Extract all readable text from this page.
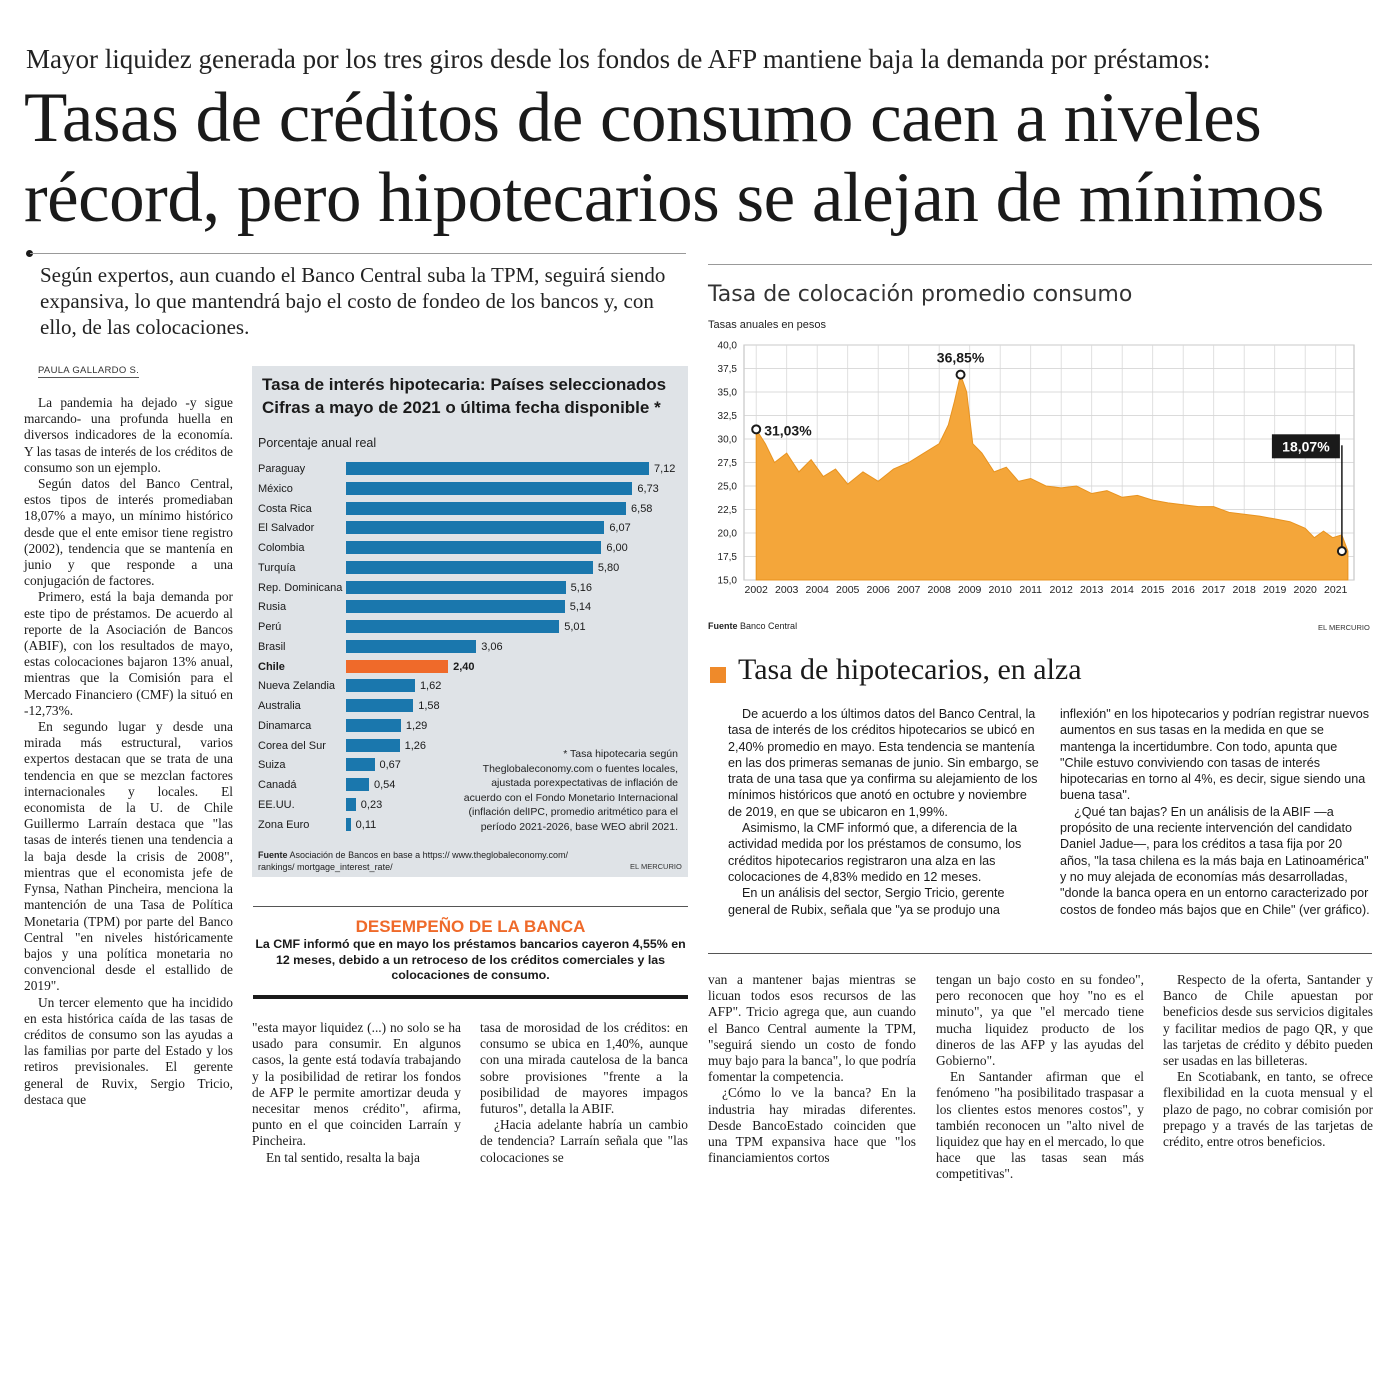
Mayor liquidez generada por los tres giros desde los fondos de AFP mantiene baja la demanda por préstamos:
Tasas de créditos de consumo caen a niveles récord, pero hipotecarios se alejan de mínimos
Según expertos, aun cuando el Banco Central suba la TPM, seguirá siendo expansiva, lo que mantendrá bajo el costo de fondeo de los bancos y, con ello, de las colocaciones.
PAULA GALLARDO S.

La pandemia ha dejado -y sigue marcando- una profunda huella en diversos indicadores de la economía. Y las tasas de interés de los créditos de consumo son un ejemplo.

Según datos del Banco Central, estos tipos de interés promediaban 18,07% a mayo, un mínimo histórico desde que el ente emisor tiene registro (2002), tendencia que se mantenía en junio y que responde a una conjugación de factores.

Primero, está la baja demanda por este tipo de préstamos. De acuerdo al reporte de la Asociación de Bancos (ABIF), con los resultados de mayo, estas colocaciones bajaron 13% anual, mientras que la Comisión para el Mercado Financiero (CMF) la situó en -12,73%.

En segundo lugar y desde una mirada más estructural, varios expertos destacan que se trata de una tendencia en que se mezclan factores internacionales y locales. El economista de la U. de Chile Guillermo Larraín destaca que "las tasas de interés tienen una tendencia a la baja desde la crisis de 2008", mientras que el economista jefe de Fynsa, Nathan Pincheira, menciona la mantención de una Tasa de Política Monetaria (TPM) por parte del Banco Central "en niveles históricamente bajos y una política monetaria no convencional desde el estallido de 2019".

Un tercer elemento que ha incidido en esta histórica caída de las tasas de créditos de consumo son las ayudas a las familias por parte del Estado y los retiros previsionales. El gerente general de Ruvix, Sergio Tricio, destaca que

Tasa de interés hipotecaria: Países seleccionados
Cifras a mayo de 2021 o última fecha disponible *
Porcentaje anual real
Paraguay	7,12
México	6,73
Costa Rica	6,58
El Salvador	6,07
Colombia	6,00
Turquía	5,80
Rep. Dominicana	5,16
Rusia	5,14
Perú	5,01
Brasil	3,06
Chile	2,40
Nueva Zelandia	1,62
Australia	1,58
Dinamarca	1,29
Corea del Sur	1,26
Suiza	0,67
Canadá	0,54
EE.UU.	0,23
Zona Euro	0,11
* Tasa hipotecaria según Theglobaleconomy.com o fuentes locales, ajustada porexpectativas de inflación de acuerdo con el Fondo Monetario Internacional (inflación delIPC, promedio aritmético para el período 2021-2026, base WEO abril 2021.
Fuente Asociación de Bancos en base a https:// www.theglobaleconomy.com/ rankings/ mortgage_interest_rate/	EL MERCURIO
DESEMPEÑO DE LA BANCA
La CMF informó que en mayo los préstamos bancarios cayeron 4,55% en 12 meses, debido a un retroceso de los créditos comerciales y las colocaciones de consumo.

"esta mayor liquidez (...) no solo se ha usado para consumir. En algunos casos, la gente está todavía trabajando y la posibilidad de retirar los fondos de AFP le permite amortizar deuda y necesitar menos crédito", afirma, punto en el que coinciden Larraín y Pincheira.

En tal sentido, resalta la baja

tasa de morosidad de los créditos: en consumo se ubica en 1,40%, aunque con una mirada cautelosa de la banca sobre provisiones "frente a la posibilidad de mayores impagos futuros", detalla la ABIF.

¿Hacia adelante habría un cambio de tendencia? Larraín señala que "las colocaciones se

van a mantener bajas mientras se licuan todos esos recursos de las AFP". Tricio agrega que, aun cuando el Banco Central aumente la TPM, "seguirá siendo un costo de fondo muy bajo para la banca", lo que podría fomentar la competencia.

¿Cómo lo ve la banca? En la industria hay miradas diferentes. Desde BancoEstado coinciden que una TPM expansiva hace que "los financiamientos cortos

tengan un bajo costo en su fondeo", pero reconocen que hoy "no es el minuto", ya que "el mercado tiene mucha liquidez producto de los dineros de las AFP y las ayudas del Gobierno".

En Santander afirman que el fenómeno "ha posibilitado traspasar a los clientes estos menores costos", y también reconocen un "alto nivel de liquidez que hay en el mercado, lo que hace que las tasas sean más competitivas".

Respecto de la oferta, Santander y Banco de Chile apuestan por beneficios desde sus servicios digitales y facilitar medios de pago QR, y que las tarjetas de crédito y débito pueden ser usadas en las billeteras.

En Scotiabank, en tanto, se ofrece flexibilidad en la cuota mensual y el plazo de pago, no cobrar comisión por prepago y a través de las tarjetas de crédito, entre otros beneficios.

Tasa de colocación promedio consumo
Tasas anuales en pesos
15,0
17,5
20,0
22,5
25,0
27,5
30,0
32,5
35,0
37,5
40,0
2002 2003 2004 2005 2006 2007 2008 2009 2010 2011 2012 2013 2014 2015 2016 2017 2018 2019 2020 2021
31,03%
36,85%
18,07%
Fuente Banco Central	EL MERCURIO
Tasa de hipotecarios, en alza

De acuerdo a los últimos datos del Banco Central, la tasa de interés de los créditos hipotecarios se ubicó en 2,40% promedio en mayo. Esta tendencia se mantenía en las dos primeras semanas de junio. Sin embargo, se trata de una tasa que ya confirma su alejamiento de los mínimos históricos que anotó en octubre y noviembre de 2019, en que se ubicaron en 1,99%.

Asimismo, la CMF informó que, a diferencia de la actividad medida por los préstamos de consumo, los créditos hipotecarios registraron una alza en las colocaciones de 4,83% medido en 12 meses.

En un análisis del sector, Sergio Tricio, gerente general de Rubix, señala que "ya se produjo una

inflexión" en los hipotecarios y podrían registrar nuevos aumentos en sus tasas en la medida en que se mantenga la incertidumbre. Con todo, apunta que "Chile estuvo conviviendo con tasas de interés hipotecarias en torno al 4%, es decir, sigue siendo una buena tasa".

¿Qué tan bajas? En un análisis de la ABIF —a propósito de una reciente intervención del candidato Daniel Jadue—, para los créditos a tasa fija por 20 años, "la tasa chilena es la más baja en Latinoamérica" y no muy alejada de economías más desarrolladas, "donde la banca opera en un entorno caracterizado por costos de fondeo más bajos que en Chile" (ver gráfico).
